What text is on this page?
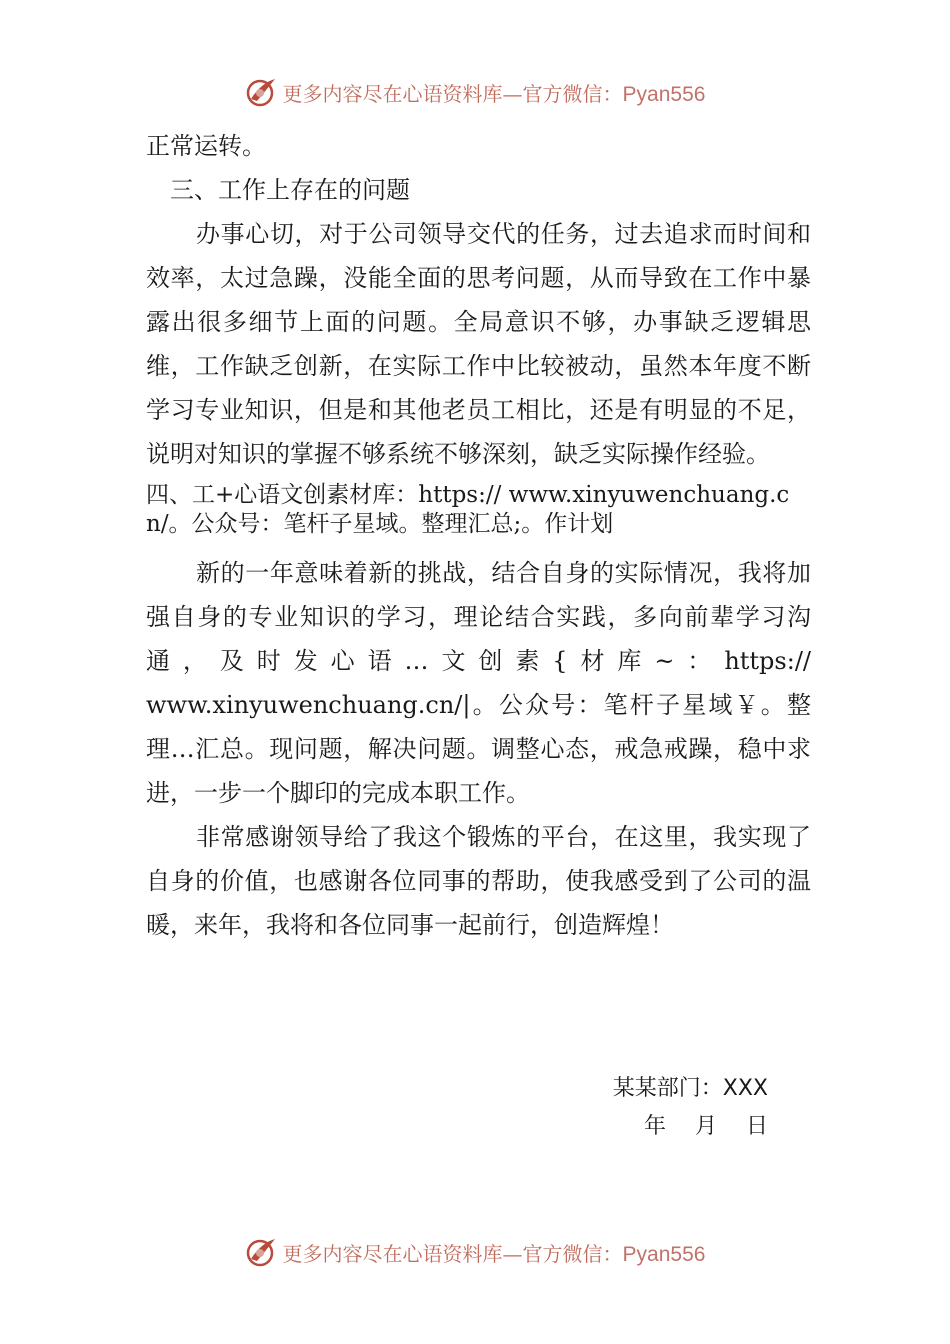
更多内容尽在心语资料库—官方微信：Pyan556

正常运转。

三、工作上存在的问题

办事心切，对于公司领导交代的任务，过去追求而时间和效率，太过急躁，没能全面的思考问题，从而导致在工作中暴露出很多细节上面的问题。全局意识不够，办事缺乏逻辑思维，工作缺乏创新，在实际工作中比较被动，虽然本年度不断学习专业知识，但是和其他老员工相比，还是有明显的不足，说明对知识的掌握不够系统不够深刻，缺乏实际操作经验。

四、工+心语文创素材库：https:// www.xinyuwenchuang.cn/。公众号：笔杆子星域。整理汇总;。作计划

新的一年意味着新的挑战，结合自身的实际情况，我将加强自身的专业知识的学习，理论结合实践，多向前辈学习沟通，及时发心语…文创素{材库~：https:// www.xinyuwenchuang.cn/|。公众号：笔杆子星域￥。整理…汇总。现问题，解决问题。调整心态，戒急戒躁，稳中求进，一步一个脚印的完成本职工作。

非常感谢领导给了我这个锻炼的平台，在这里，我实现了自身的价值，也感谢各位同事的帮助，使我感受到了公司的温暖，来年，我将和各位同事一起前行，创造辉煌！

某某部门：XXX
年 月 日
更多内容尽在心语资料库—官方微信：Pyan556
